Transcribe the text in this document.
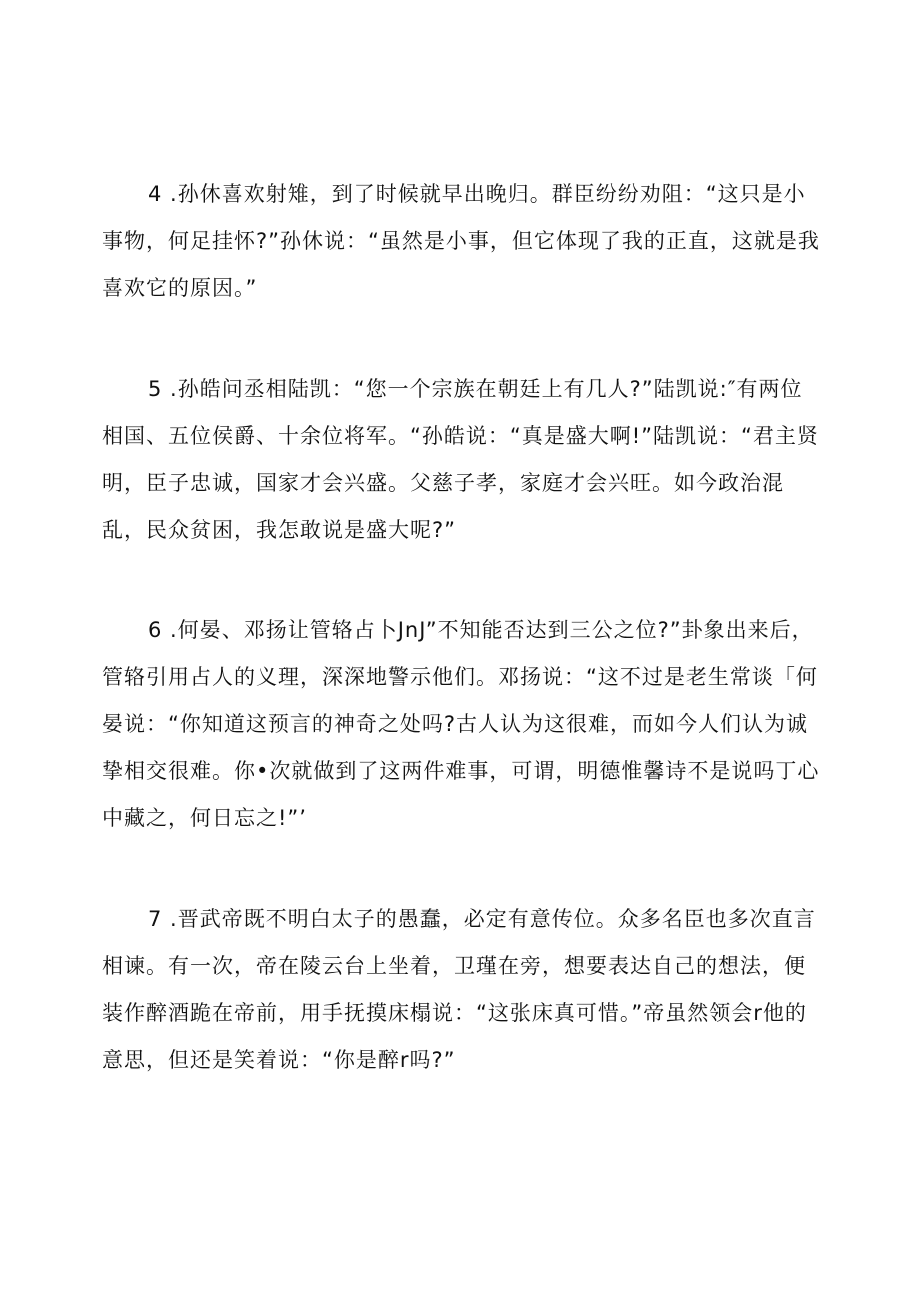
4 .孙休喜欢射雉，到了时候就早出晚归。群臣纷纷劝阻：“这只是小事物，何足挂怀?”孙休说：“虽然是小事，但它体现了我的正直，这就是我喜欢它的原因。”

5 .孙皓问丞相陆凯：“您一个宗族在朝廷上有几人?”陆凯说:″有两位相国、五位侯爵、十余位将军。“孙皓说：“真是盛大啊!”陆凯说：“君主贤明，臣子忠诚，国家才会兴盛。父慈子孝，家庭才会兴旺。如今政治混乱，民众贫困，我怎敢说是盛大呢?”

6 .何晏、邓扬让管辂占卜JnJ”不知能否达到三公之位?”卦象出来后，管辂引用占人的义理，深深地警示他们。邓扬说：“这不过是老生常谈「何晏说：“你知道这预言的神奇之处吗?古人认为这很难，而如今人们认为诚挚相交很难。你•次就做到了这两件难事，可谓，明德惟馨诗不是说吗丁心中藏之，何日忘之!”’

7 .晋武帝既不明白太子的愚蠢，必定有意传位。众多名臣也多次直言相谏。有一次，帝在陵云台上坐着，卫瑾在旁，想要表达自己的想法，便装作醉酒跪在帝前，用手抚摸床榻说：“这张床真可惜。”帝虽然领会r他的意思，但还是笑着说：“你是醉r吗?”
